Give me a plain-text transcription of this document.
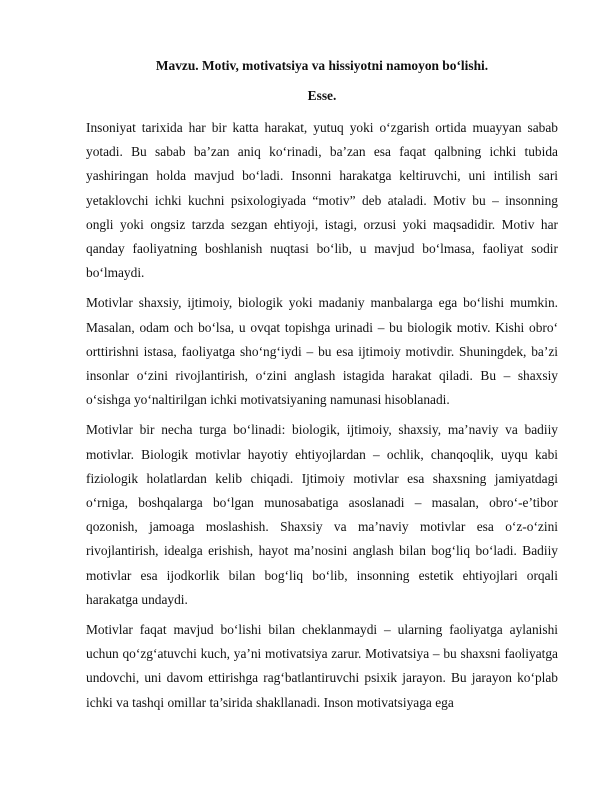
Mavzu. Motiv, motivatsiya va hissiyotni namoyon bo‘lishi.
Esse.

Insoniyat tarixida har bir katta harakat, yutuq yoki o‘zgarish ortida muayyan sabab yotadi. Bu sabab ba’zan aniq ko‘rinadi, ba’zan esa faqat qalbning ichki tubida yashiringan holda mavjud bo‘ladi. Insonni harakatga keltiruvchi, uni intilish sari yetaklovchi ichki kuchni psixologiyada “motiv” deb ataladi. Motiv bu – insonning ongli yoki ongsiz tarzda sezgan ehtiyoji, istagi, orzusi yoki maqsadidir. Motiv har qanday faoliyatning boshlanish nuqtasi bo‘lib, u mavjud bo‘lmasa, faoliyat sodir bo‘lmaydi.

Motivlar shaxsiy, ijtimoiy, biologik yoki madaniy manbalarga ega bo‘lishi mumkin. Masalan, odam och bo‘lsa, u ovqat topishga urinadi – bu biologik motiv. Kishi obro‘ orttirishni istasa, faoliyatga sho‘ng‘iydi – bu esa ijtimoiy motivdir. Shuningdek, ba’zi insonlar o‘zini rivojlantirish, o‘zini anglash istagida harakat qiladi. Bu – shaxsiy o‘sishga yo‘naltirilgan ichki motivatsiyaning namunasi hisoblanadi.

Motivlar bir necha turga bo‘linadi: biologik, ijtimoiy, shaxsiy, ma’naviy va badiiy motivlar. Biologik motivlar hayotiy ehtiyojlardan – ochlik, chanqoqlik, uyqu kabi fiziologik holatlardan kelib chiqadi. Ijtimoiy motivlar esa shaxsning jamiyatdagi o‘rniga, boshqalarga bo‘lgan munosabatiga asoslanadi – masalan, obro‘-e’tibor qozonish, jamoaga moslashish. Shaxsiy va ma’naviy motivlar esa o‘z-o‘zini rivojlantirish, idealga erishish, hayot ma’nosini anglash bilan bog‘liq bo‘ladi. Badiiy motivlar esa ijodkorlik bilan bog‘liq bo‘lib, insonning estetik ehtiyojlari orqali harakatga undaydi.

Motivlar faqat mavjud bo‘lishi bilan cheklanmaydi – ularning faoliyatga aylanishi uchun qo‘zg‘atuvchi kuch, ya’ni motivatsiya zarur. Motivatsiya – bu shaxsni faoliyatga undovchi, uni davom ettirishga rag‘batlantiruvchi psixik jarayon. Bu jarayon ko‘plab ichki va tashqi omillar ta’sirida shakllanadi. Inson motivatsiyaga ega
